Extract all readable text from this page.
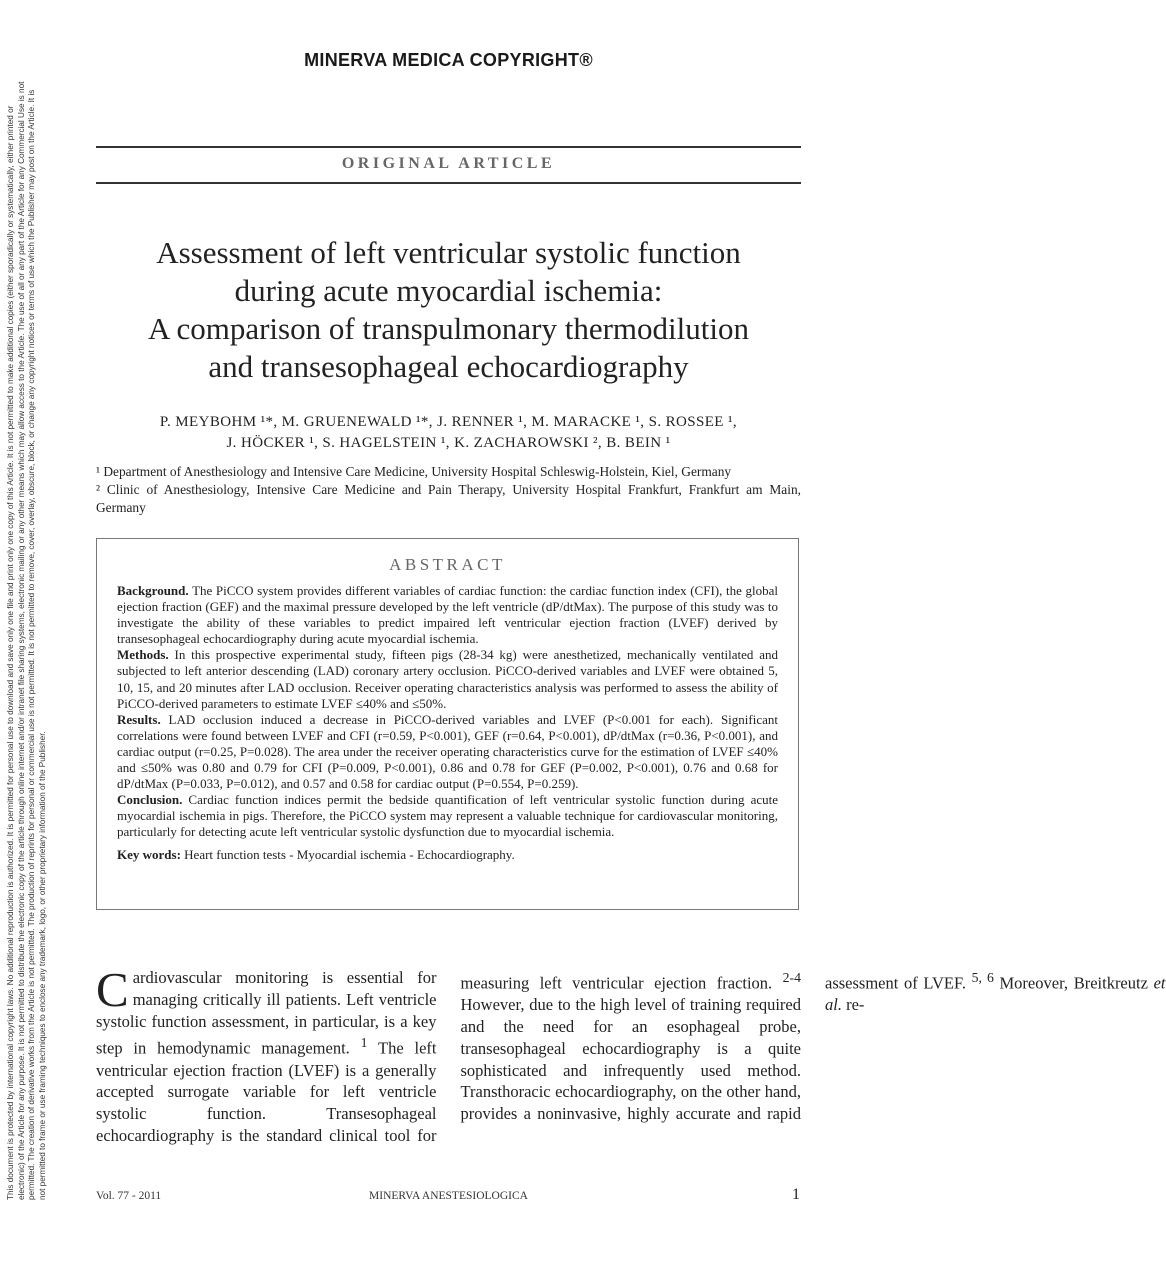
This document is protected by international copyright laws. No additional reproduction is authorized. It is permitted for personal use to download and save only one file and print only one copy of this Article. It is not permitted to make additional copies (either sporadically or systematically, either printed or electronic) of the Article for any purpose. It is not permitted to distribute the electronic copy of the article through online internet and/or intranet file sharing systems, electronic mailing or any other means which may allow access to the Article. The use of all or any part of the Article for any Commercial Use is not permitted. The creation of derivative works from the Article is not permitted. The production of reprints for personal or commercial use is not permitted. It is not permitted to remove, cover, overlay, obscure, block, or change any copyright notices or terms of use which the Publisher may post on the Article. It is not permitted to frame or use framing techniques to enclose any trademark, logo, or other proprietary information of the Publisher.
MINERVA MEDICA COPYRIGHT®
ORIGINAL ARTICLE
Assessment of left ventricular systolic function
during acute myocardial ischemia:
A comparison of transpulmonary thermodilution
and transesophageal echocardiography
P. MEYBOHM ¹*, M. GRUENEWALD ¹*, J. RENNER ¹, M. MARACKE ¹, S. ROSSEE ¹,
J. HÖCKER ¹, S. HAGELSTEIN ¹, K. ZACHAROWSKI ², B. BEIN ¹

¹ Department of Anesthesiology and Intensive Care Medicine, University Hospital Schleswig-Holstein, Kiel, Germany

² Clinic of Anesthesiology, Intensive Care Medicine and Pain Therapy, University Hospital Frankfurt, Frankfurt am Main, Germany

ABSTRACT

Background. The PiCCO system provides different variables of cardiac function: the cardiac function index (CFI), the global ejection fraction (GEF) and the maximal pressure developed by the left ventricle (dP/dtMax). The purpose of this study was to investigate the ability of these variables to predict impaired left ventricular ejection fraction (LVEF) derived by transesophageal echocardiography during acute myocardial ischemia.

Methods. In this prospective experimental study, fifteen pigs (28-34 kg) were anesthetized, mechanically ventilated and subjected to left anterior descending (LAD) coronary artery occlusion. PiCCO-derived variables and LVEF were obtained 5, 10, 15, and 20 minutes after LAD occlusion. Receiver operating characteristics analysis was performed to assess the ability of PiCCO-derived parameters to estimate LVEF ≤40% and ≤50%.

Results. LAD occlusion induced a decrease in PiCCO-derived variables and LVEF (P<0.001 for each). Significant correlations were found between LVEF and CFI (r=0.59, P<0.001), GEF (r=0.64, P<0.001), dP/dtMax (r=0.36, P<0.001), and cardiac output (r=0.25, P=0.028). The area under the receiver operating characteristics curve for the estimation of LVEF ≤40% and ≤50% was 0.80 and 0.79 for CFI (P=0.009, P<0.001), 0.86 and 0.78 for GEF (P=0.002, P<0.001), 0.76 and 0.68 for dP/dtMax (P=0.033, P=0.012), and 0.57 and 0.58 for cardiac output (P=0.554, P=0.259).

Conclusion. Cardiac function indices permit the bedside quantification of left ventricular systolic function during acute myocardial ischemia in pigs. Therefore, the PiCCO system may represent a valuable technique for cardiovascular monitoring, particularly for detecting acute left ventricular systolic dysfunction due to myocardial ischemia.

Key words: Heart function tests - Myocardial ischemia - Echocardiography.

Cardiovascular monitoring is essential for managing critically ill patients. Left ventricle systolic function assessment, in particular, is a key step in hemodynamic management. $^1$ The left ventricular ejection fraction (LVEF) is a generally accepted surrogate variable for left ventricle systolic function. Transesophageal echocardiography is the standard clinical tool for measuring left ventricular ejection fraction. $^{2-4}$ However, due to the high level of training required and the need for an esophageal probe, transesophageal echocardiography is a quite sophisticated and infrequently used method. Transthoracic echocardiography, on the other hand, provides a noninvasive, highly accurate and rapid assessment of LVEF. $^{5, 6}$ Moreover, Breitkreutz et al. re-

Vol. 77 - 2011	MINERVA ANESTESIOLOGICA	1
